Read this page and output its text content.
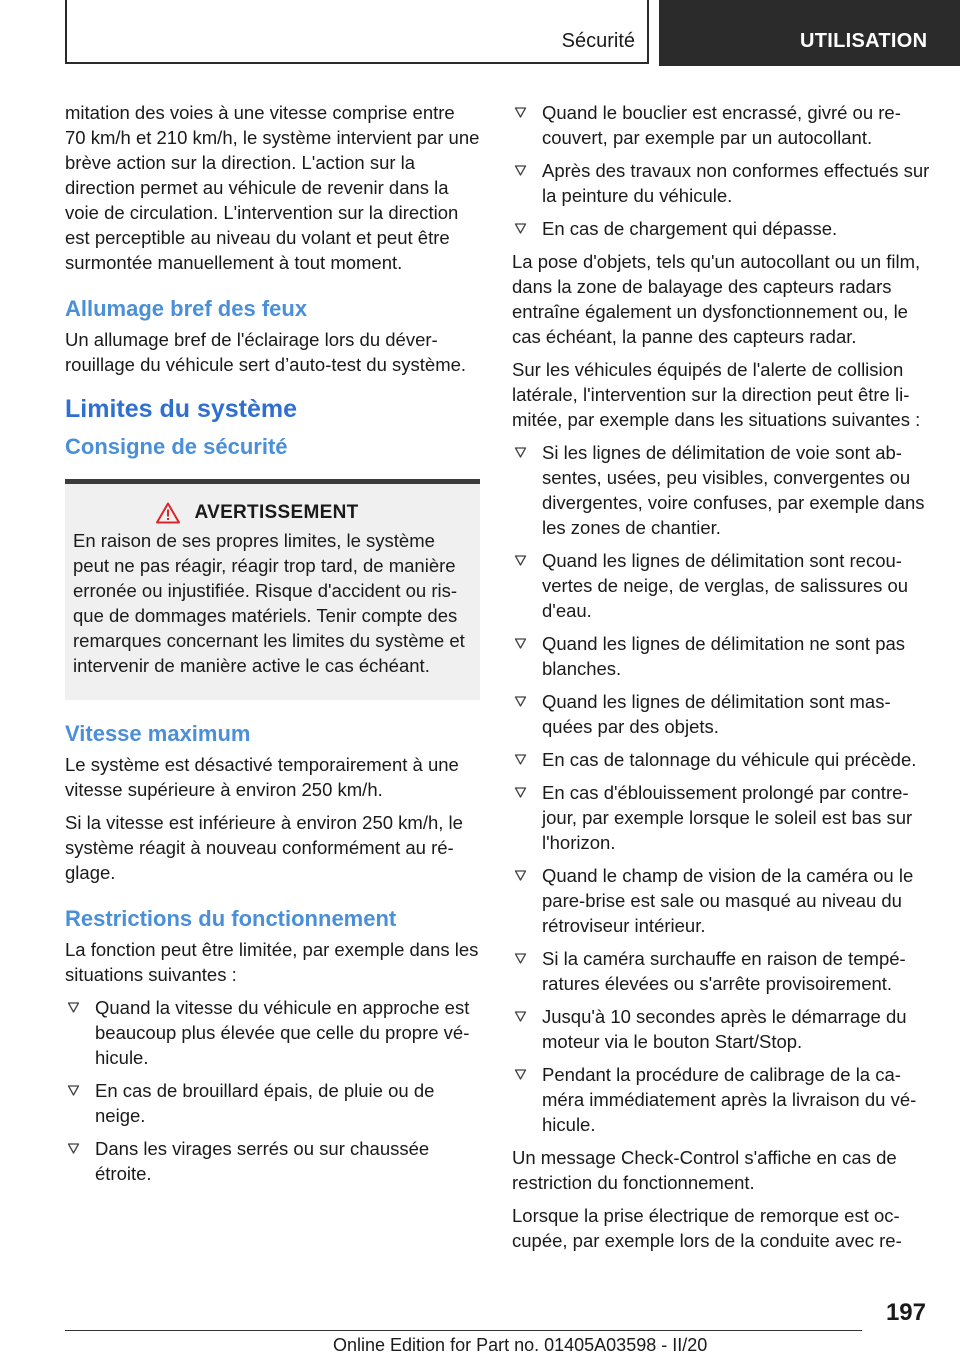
Sécurité	UTILISATION
mitation des voies à une vitesse comprise entre 70 km/h et 210 km/h, le système intervient par une brève action sur la direction. L'action sur la direction permet au véhicule de revenir dans la voie de circulation. L'intervention sur la direction est perceptible au niveau du volant et peut être surmontée manuellement à tout moment.
Allumage bref des feux
Un allumage bref de l'éclairage lors du déverrouillage du véhicule sert d’auto-test du système.
Limites du système
Consigne de sécurité
AVERTISSEMENT
En raison de ses propres limites, le système peut ne pas réagir, réagir trop tard, de manière erronée ou injustifiée. Risque d'accident ou risque de dommages matériels. Tenir compte des remarques concernant les limites du système et intervenir de manière active le cas échéant.
Vitesse maximum
Le système est désactivé temporairement à une vitesse supérieure à environ 250 km/h.
Si la vitesse est inférieure à environ 250 km/h, le système réagit à nouveau conformément au réglage.
Restrictions du fonctionnement
La fonction peut être limitée, par exemple dans les situations suivantes :
Quand la vitesse du véhicule en approche est beaucoup plus élevée que celle du propre véhicule.
En cas de brouillard épais, de pluie ou de neige.
Dans les virages serrés ou sur chaussée étroite.
Quand le bouclier est encrassé, givré ou recouvert, par exemple par un autocollant.
Après des travaux non conformes effectués sur la peinture du véhicule.
En cas de chargement qui dépasse.
La pose d'objets, tels qu'un autocollant ou un film, dans la zone de balayage des capteurs radars entraîne également un dysfonctionnement ou, le cas échéant, la panne des capteurs radar.
Sur les véhicules équipés de l'alerte de collision latérale, l'intervention sur la direction peut être limitée, par exemple dans les situations suivantes :
Si les lignes de délimitation de voie sont absentes, usées, peu visibles, convergentes ou divergentes, voire confuses, par exemple dans les zones de chantier.
Quand les lignes de délimitation sont recouvertes de neige, de verglas, de salissures ou d'eau.
Quand les lignes de délimitation ne sont pas blanches.
Quand les lignes de délimitation sont masquées par des objets.
En cas de talonnage du véhicule qui précède.
En cas d'éblouissement prolongé par contre-jour, par exemple lorsque le soleil est bas sur l'horizon.
Quand le champ de vision de la caméra ou le pare-brise est sale ou masqué au niveau du rétroviseur intérieur.
Si la caméra surchauffe en raison de températures élevées ou s'arrête provisoirement.
Jusqu'à 10 secondes après le démarrage du moteur via le bouton Start/Stop.
Pendant la procédure de calibrage de la caméra immédiatement après la livraison du véhicule.
Un message Check-Control s'affiche en cas de restriction du fonctionnement.
Lorsque la prise électrique de remorque est occupée, par exemple lors de la conduite avec re-
197
Online Edition for Part no. 01405A03598 - II/20
